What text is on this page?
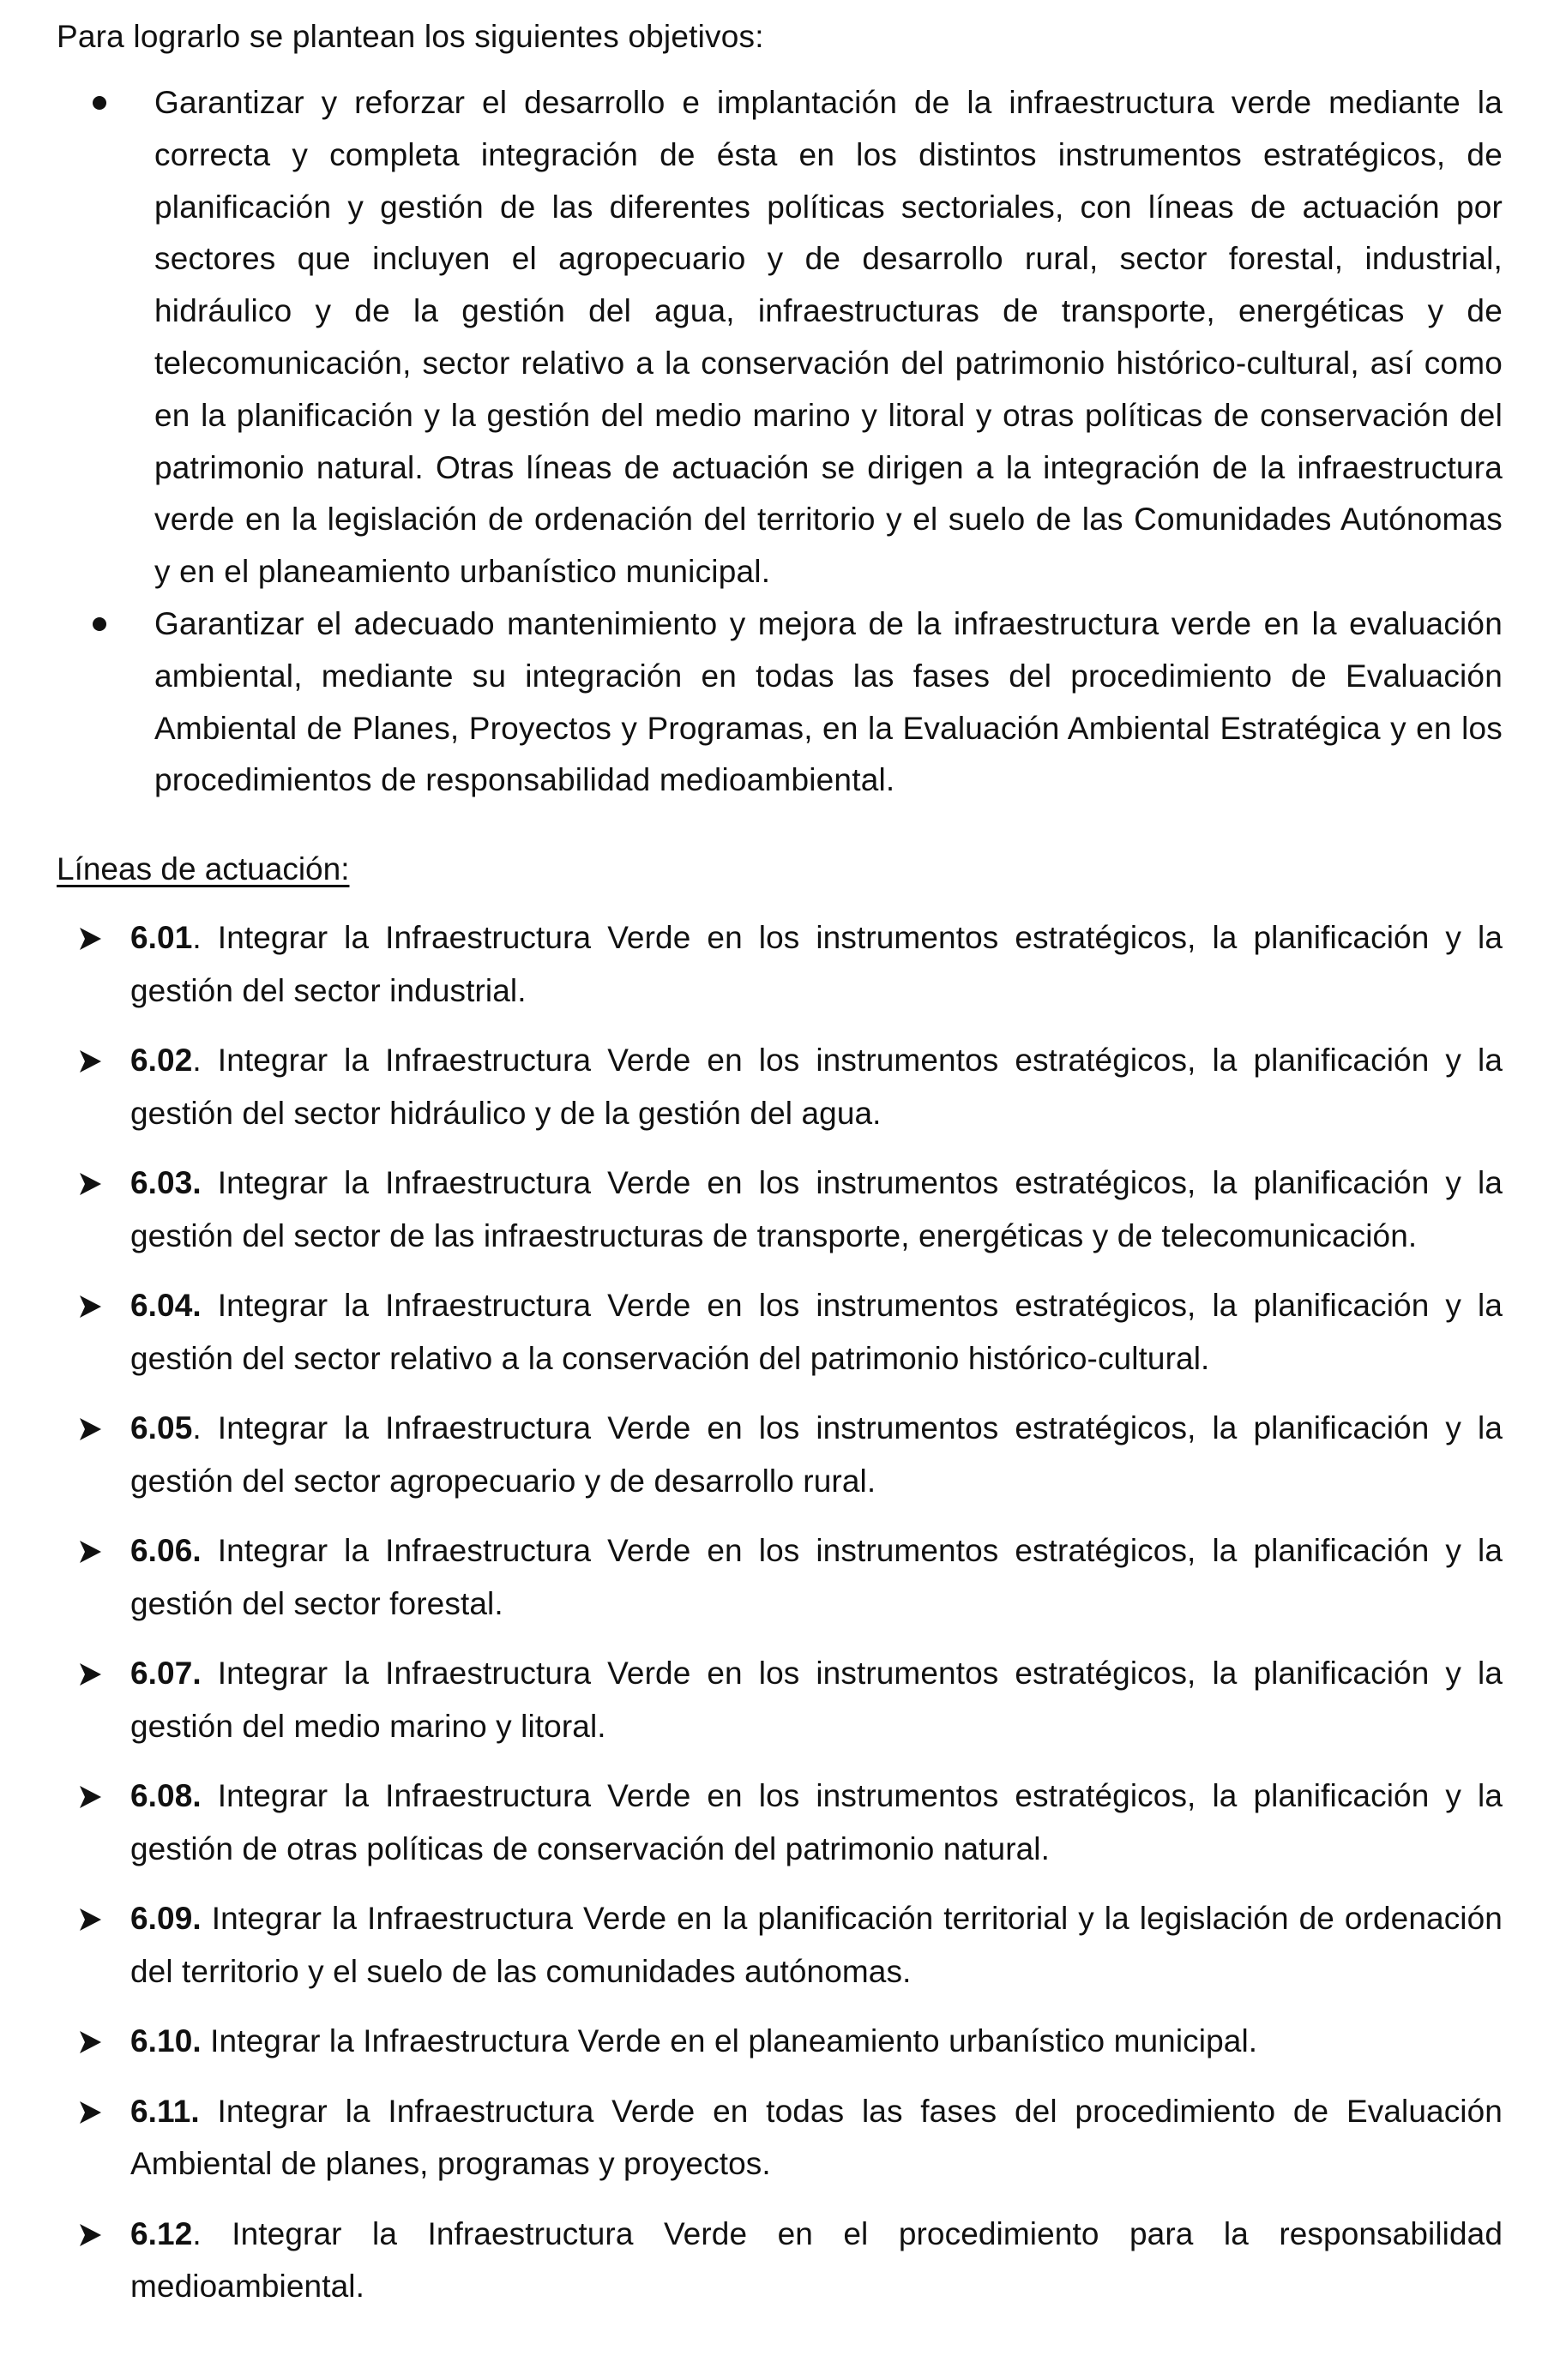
Para lograrlo se plantean los siguientes objetivos:

Garantizar y reforzar el desarrollo e implantación de la infraestructura verde mediante la correcta y completa integración de ésta en los distintos instrumentos estratégicos, de planificación y gestión de las diferentes políticas sectoriales, con líneas de actuación por sectores que incluyen el agropecuario y de desarrollo rural, sector forestal, industrial, hidráulico y de la gestión del agua, infraestructuras de transporte, energéticas y de telecomunicación, sector relativo a la conservación del patrimonio histórico-cultural, así como en la planificación y la gestión del medio marino y litoral y otras políticas de conservación del patrimonio natural. Otras líneas de actuación se dirigen a la integración de la infraestructura verde en la legislación de ordenación del territorio y el suelo de las Comunidades Autónomas y en el planeamiento urbanístico municipal.
Garantizar el adecuado mantenimiento y mejora de la infraestructura verde en la evaluación ambiental, mediante su integración en todas las fases del procedimiento de Evaluación Ambiental de Planes, Proyectos y Programas, en la Evaluación Ambiental Estratégica y en los procedimientos de responsabilidad medioambiental.
Líneas de actuación:
6.01. Integrar la Infraestructura Verde en los instrumentos estratégicos, la planificación y la gestión del sector industrial.
6.02. Integrar la Infraestructura Verde en los instrumentos estratégicos, la planificación y la gestión del sector hidráulico y de la gestión del agua.
6.03. Integrar la Infraestructura Verde en los instrumentos estratégicos, la planificación y la gestión del sector de las infraestructuras de transporte, energéticas y de telecomunicación.
6.04. Integrar la Infraestructura Verde en los instrumentos estratégicos, la planificación y la gestión del sector relativo a la conservación del patrimonio histórico-cultural.
6.05. Integrar la Infraestructura Verde en los instrumentos estratégicos, la planificación y la gestión del sector agropecuario y de desarrollo rural.
6.06. Integrar la Infraestructura Verde en los instrumentos estratégicos, la planificación y la gestión del sector forestal.
6.07. Integrar la Infraestructura Verde en los instrumentos estratégicos, la planificación y la gestión del medio marino y litoral.
6.08. Integrar la Infraestructura Verde en los instrumentos estratégicos, la planificación y la gestión de otras políticas de conservación del patrimonio natural.
6.09. Integrar la Infraestructura Verde en la planificación territorial y la legislación de ordenación del territorio y el suelo de las comunidades autónomas.
6.10. Integrar la Infraestructura Verde en el planeamiento urbanístico municipal.
6.11. Integrar la Infraestructura Verde en todas las fases del procedimiento de Evaluación Ambiental de planes, programas y proyectos.
6.12. Integrar la Infraestructura Verde en el procedimiento para la responsabilidad medioambiental.
